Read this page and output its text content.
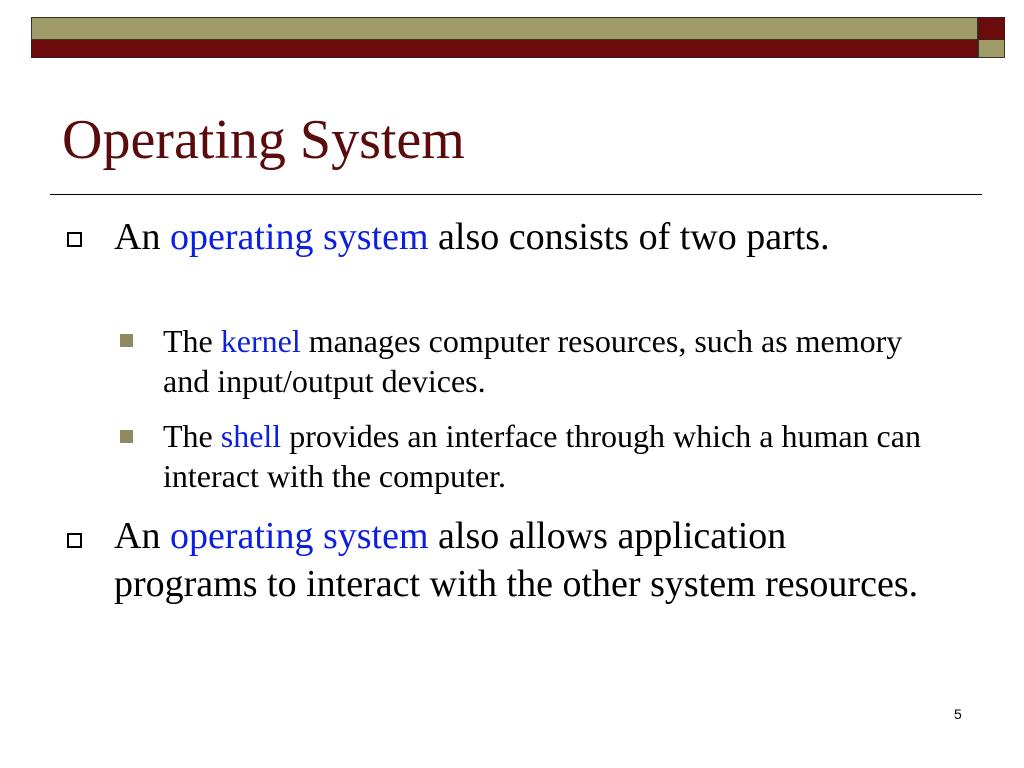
Operating System
An operating system also consists of two parts.
The kernel manages computer resources, such as memory and input/output devices.
The shell provides an interface through which a human can interact with the computer.
An operating system also allows application programs to interact with the other system resources.
5
